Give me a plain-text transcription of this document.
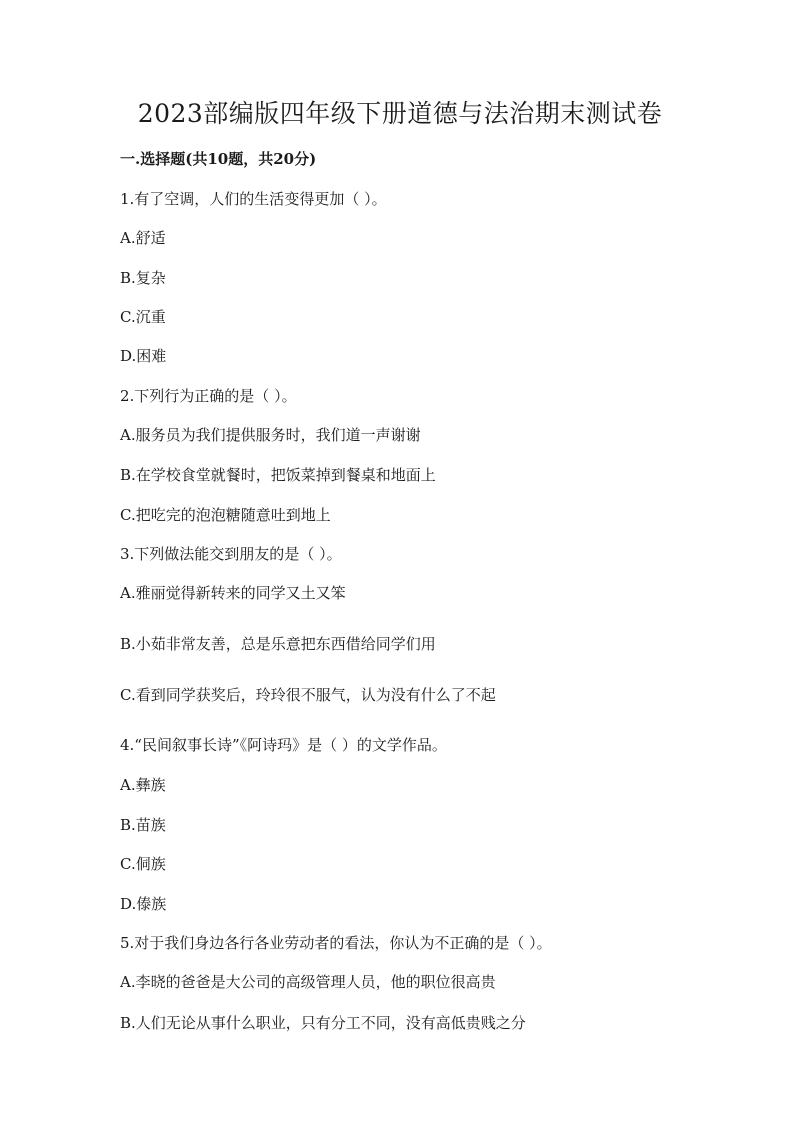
2023部编版四年级下册道德与法治期末测试卷
一.选择题(共10题，共20分)
1.有了空调，人们的生活变得更加（ ）。
A.舒适
B.复杂
C.沉重
D.困难
2.下列行为正确的是（ ）。
A.服务员为我们提供服务时，我们道一声谢谢
B.在学校食堂就餐时，把饭菜掉到餐桌和地面上
C.把吃完的泡泡糖随意吐到地上
3.下列做法能交到朋友的是（ ）。
A.雅丽觉得新转来的同学又土又笨
B.小茹非常友善，总是乐意把东西借给同学们用
C.看到同学获奖后，玲玲很不服气，认为没有什么了不起
4.“民间叙事长诗”《阿诗玛》是（ ）的文学作品。
A.彝族
B.苗族
C.侗族
D.傣族
5.对于我们身边各行各业劳动者的看法，你认为不正确的是（ ）。
A.李晓的爸爸是大公司的高级管理人员，他的职位很高贵
B.人们无论从事什么职业，只有分工不同，没有高低贵贱之分
